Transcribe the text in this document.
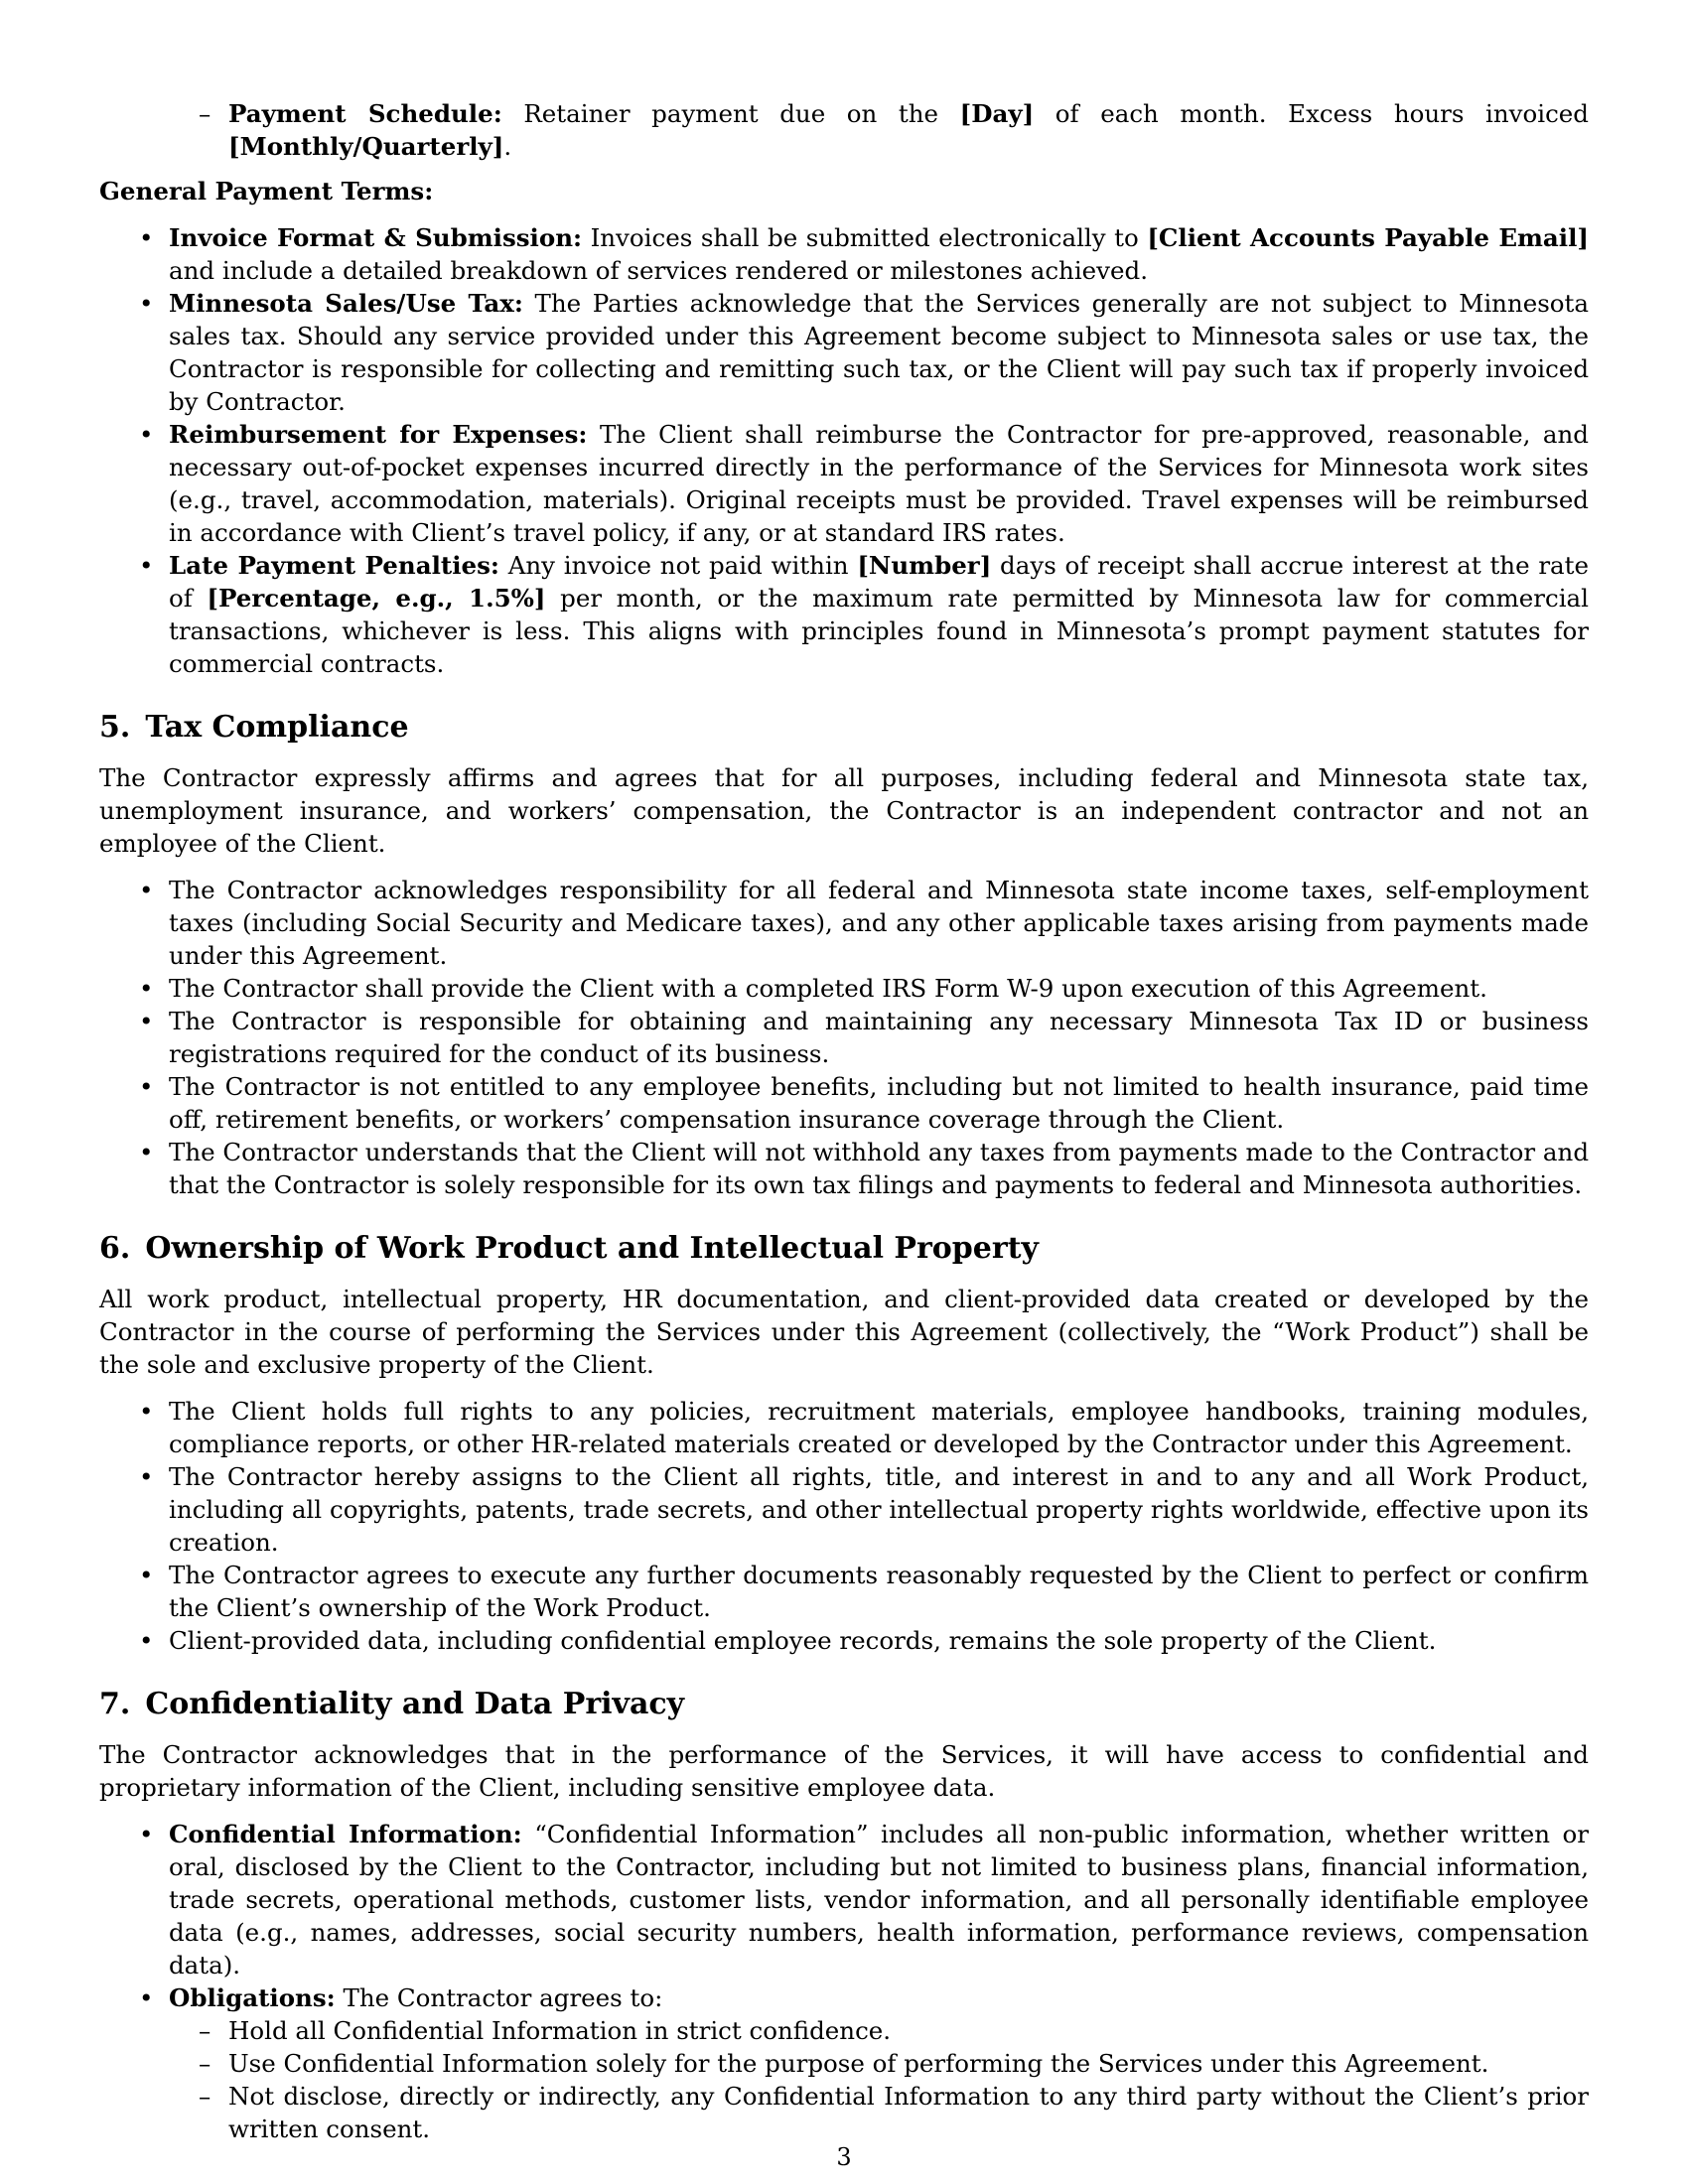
– Payment Schedule: Retainer payment due on the [Day] of each month. Excess hours invoiced [Monthly/Quarterly].

General Payment Terms:

• Invoice Format & Submission: Invoices shall be submitted electronically to [Client Accounts Payable Email] and include a detailed breakdown of services rendered or milestones achieved.
• Minnesota Sales/Use Tax: The Parties acknowledge that the Services generally are not subject to Minnesota sales tax. Should any service provided under this Agreement become subject to Minnesota sales or use tax, the Contractor is responsible for collecting and remitting such tax, or the Client will pay such tax if properly invoiced by Contractor.
• Reimbursement for Expenses: The Client shall reimburse the Contractor for pre-approved, reasonable, and necessary out-of-pocket expenses incurred directly in the performance of the Services for Minnesota work sites (e.g., travel, accommodation, materials). Original receipts must be provided. Travel expenses will be reimbursed in accordance with Client’s travel policy, if any, or at standard IRS rates.
• Late Payment Penalties: Any invoice not paid within [Number] days of receipt shall accrue interest at the rate of [Percentage, e.g., 1.5%] per month, or the maximum rate permitted by Minnesota law for commercial transactions, whichever is less. This aligns with principles found in Minnesota’s prompt payment statutes for commercial contracts.
5. Tax Compliance

The Contractor expressly affirms and agrees that for all purposes, including federal and Minnesota state tax, unemployment insurance, and workers’ compensation, the Contractor is an independent contractor and not an employee of the Client.

• The Contractor acknowledges responsibility for all federal and Minnesota state income taxes, self-employment taxes (including Social Security and Medicare taxes), and any other applicable taxes arising from payments made under this Agreement.
• The Contractor shall provide the Client with a completed IRS Form W-9 upon execution of this Agreement.
• The Contractor is responsible for obtaining and maintaining any necessary Minnesota Tax ID or business registrations required for the conduct of its business.
• The Contractor is not entitled to any employee benefits, including but not limited to health insurance, paid time off, retirement benefits, or workers’ compensation insurance coverage through the Client.
• The Contractor understands that the Client will not withhold any taxes from payments made to the Contractor and that the Contractor is solely responsible for its own tax filings and payments to federal and Minnesota authorities.
6. Ownership of Work Product and Intellectual Property

All work product, intellectual property, HR documentation, and client-provided data created or developed by the Contractor in the course of performing the Services under this Agreement (collectively, the “Work Product”) shall be the sole and exclusive property of the Client.

• The Client holds full rights to any policies, recruitment materials, employee handbooks, training modules, compliance reports, or other HR-related materials created or developed by the Contractor under this Agreement.
• The Contractor hereby assigns to the Client all rights, title, and interest in and to any and all Work Product, including all copyrights, patents, trade secrets, and other intellectual property rights worldwide, effective upon its creation.
• The Contractor agrees to execute any further documents reasonably requested by the Client to perfect or confirm the Client’s ownership of the Work Product.
• Client-provided data, including confidential employee records, remains the sole property of the Client.
7. Confidentiality and Data Privacy

The Contractor acknowledges that in the performance of the Services, it will have access to confidential and proprietary information of the Client, including sensitive employee data.

• Confidential Information: “Confidential Information” includes all non-public information, whether written or oral, disclosed by the Client to the Contractor, including but not limited to business plans, financial information, trade secrets, operational methods, customer lists, vendor information, and all personally identifiable employee data (e.g., names, addresses, social security numbers, health information, performance reviews, compensation data).
• Obligations: The Contractor agrees to:
– Hold all Confidential Information in strict confidence.
– Use Confidential Information solely for the purpose of performing the Services under this Agreement.
– Not disclose, directly or indirectly, any Confidential Information to any third party without the Client’s prior written consent.
3
